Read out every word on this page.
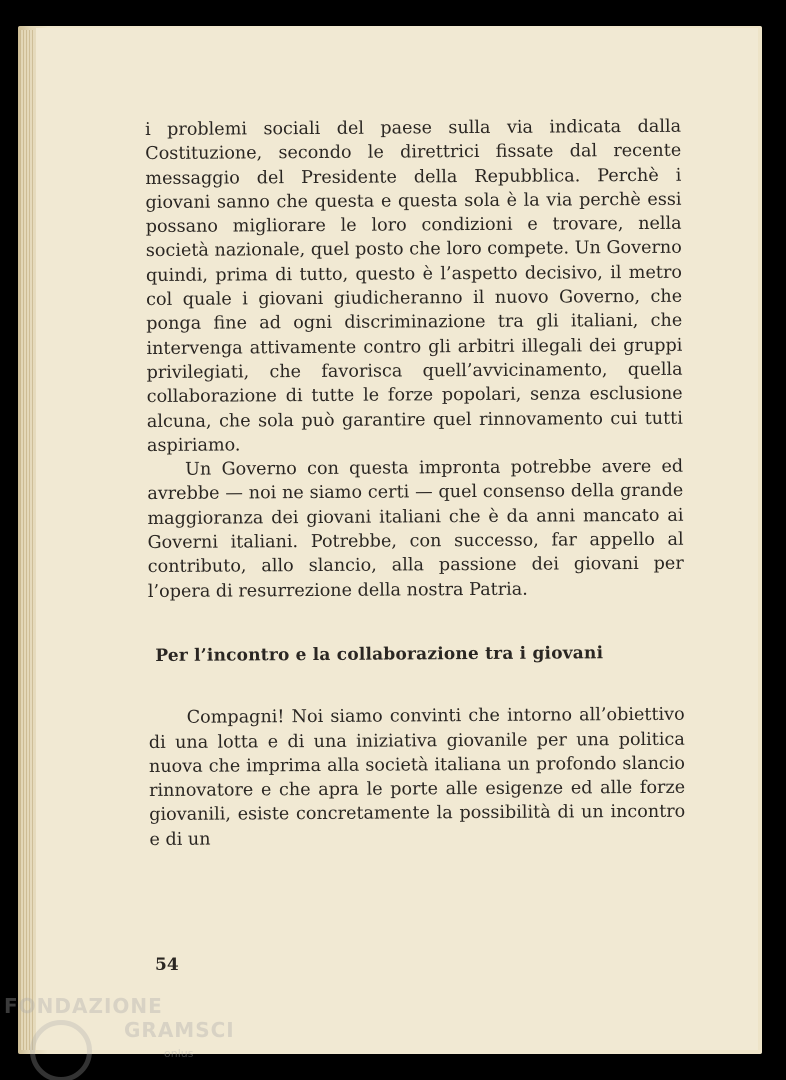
i problemi sociali del paese sulla via indicata dalla Costituzione, secondo le direttrici fissate dal recente messaggio del Presidente della Repubblica. Perchè i giovani sanno che questa e questa sola è la via perchè essi possano migliorare le loro condizioni e trovare, nella società nazionale, quel posto che loro compete. Un Governo quindi, prima di tutto, questo è l’aspetto decisivo, il metro col quale i giovani giudicheranno il nuovo Governo, che ponga fine ad ogni discriminazione tra gli italiani, che intervenga attivamente contro gli arbitri illegali dei gruppi privilegiati, che favorisca quell’avvicinamento, quella collaborazione di tutte le forze popolari, senza esclusione alcuna, che sola può garantire quel rinnovamento cui tutti aspiriamo.

Un Governo con questa impronta potrebbe avere ed avrebbe — noi ne siamo certi — quel consenso della grande maggioranza dei giovani italiani che è da anni mancato ai Governi italiani. Potrebbe, con successo, far appello al contributo, allo slancio, alla passione dei giovani per l’opera di resurrezione della nostra Patria.

Per l’incontro e la collaborazione tra i giovani

Compagni! Noi siamo convinti che intorno all’obiettivo di una lotta e di una iniziativa giovanile per una politica nuova che imprima alla società italiana un profondo slancio rinnovatore e che apra le porte alle esigenze ed alle forze giovanili, esiste concretamente la possibilità di un incontro e di un

54
FONDAZIONE
GRAMSCI
onlus
